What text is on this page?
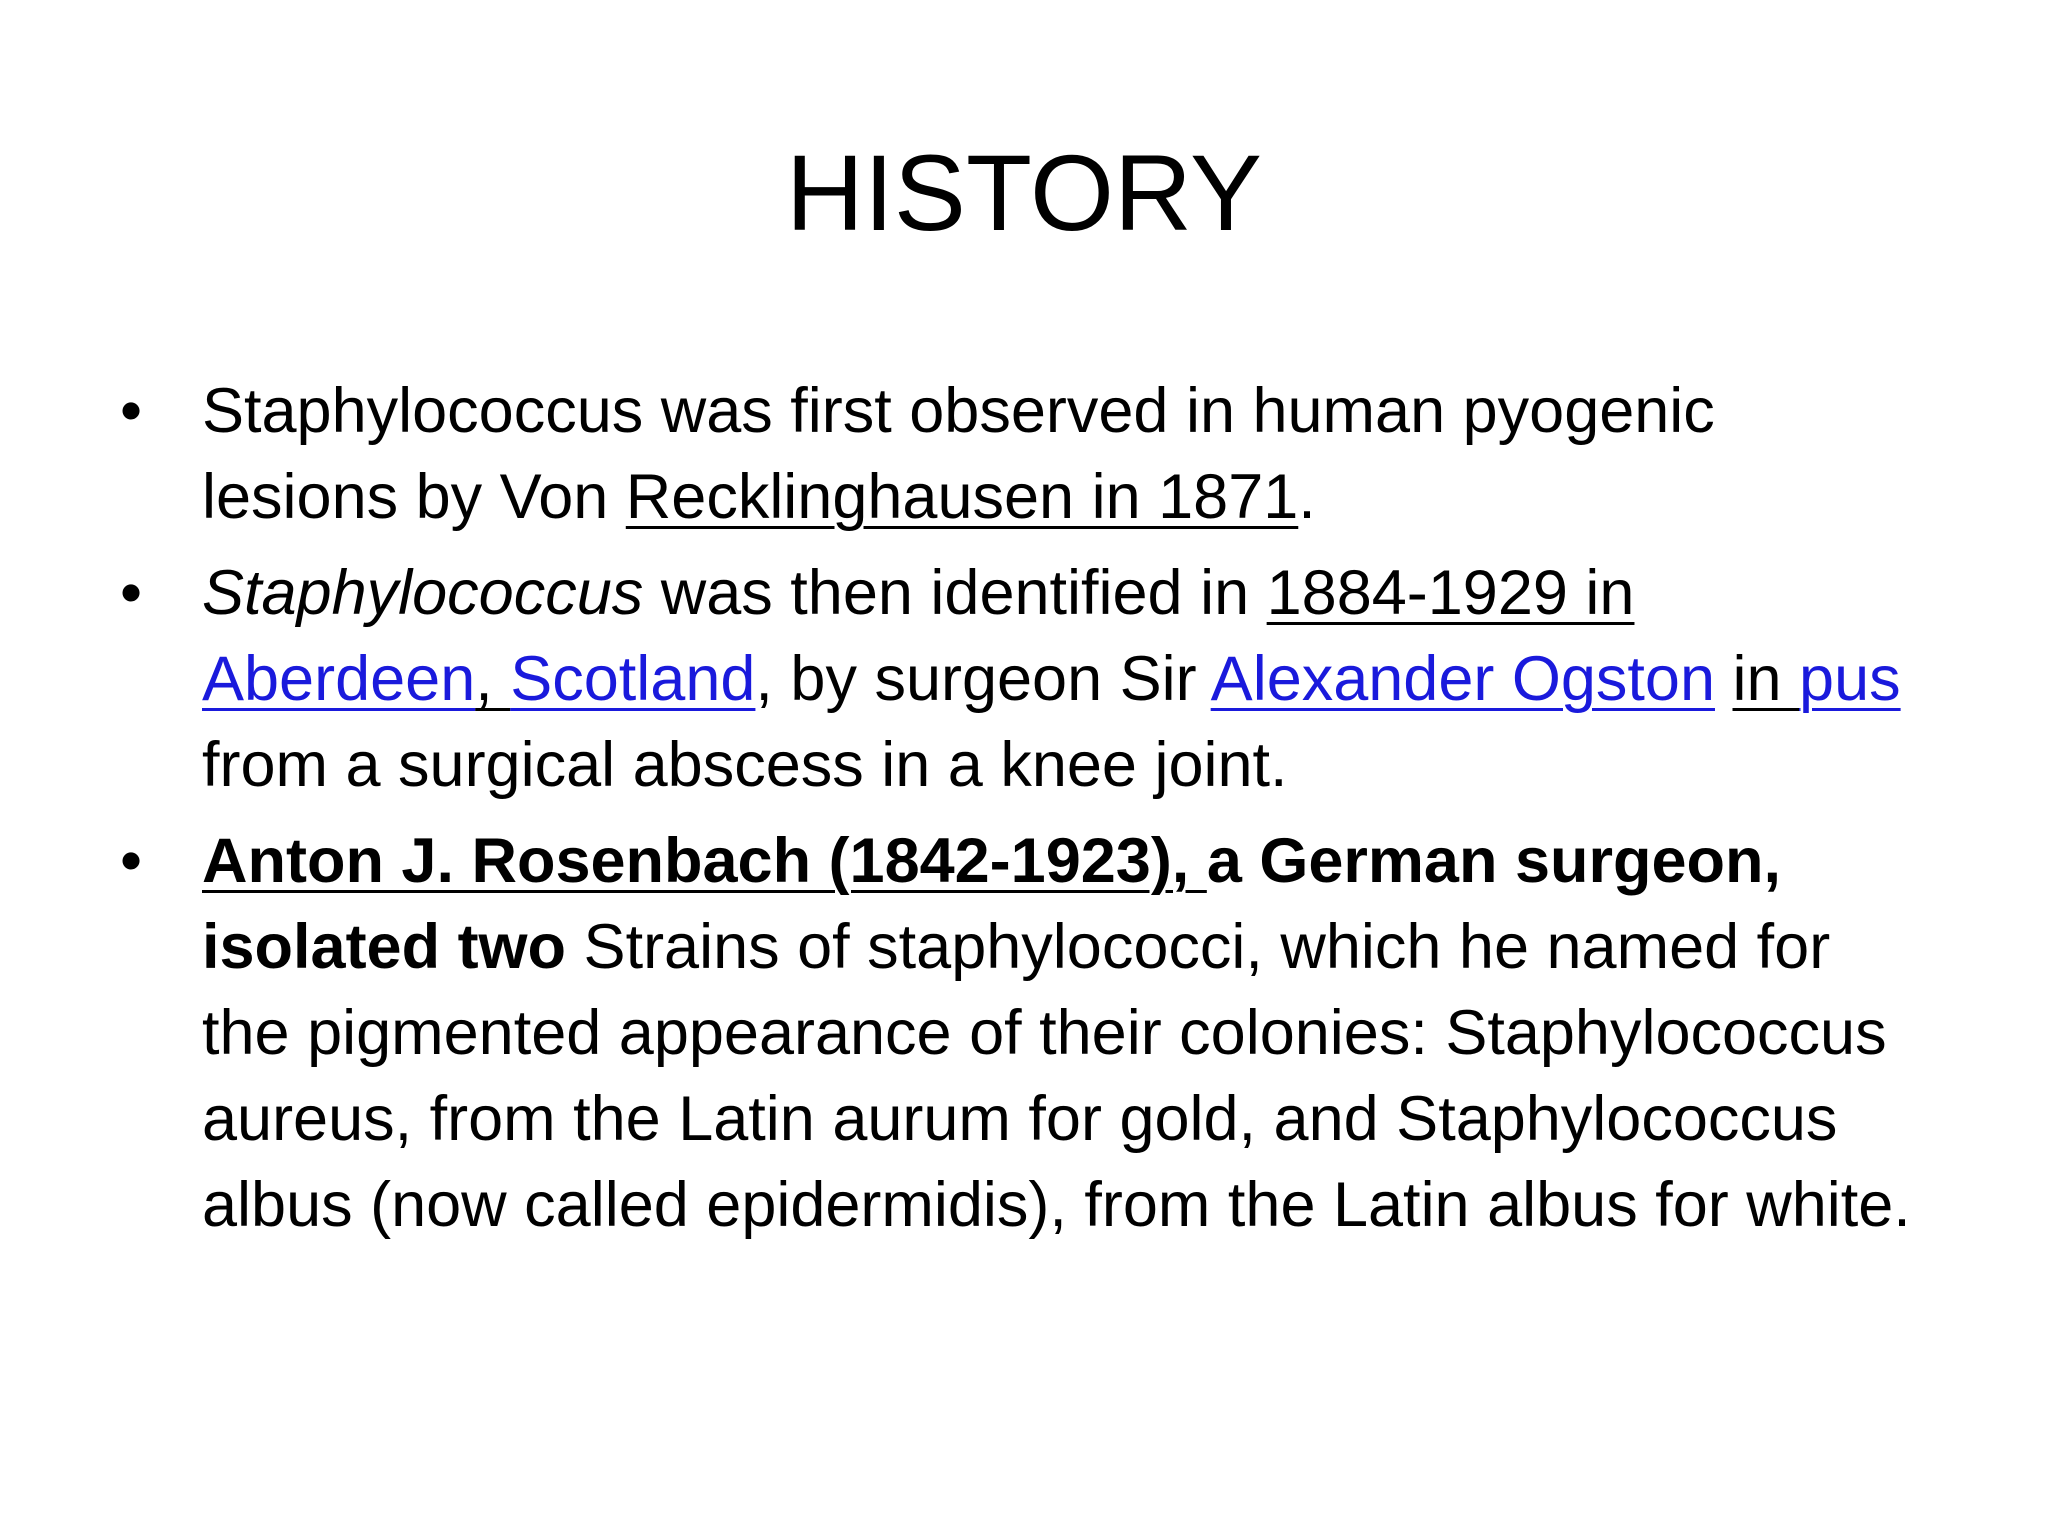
HISTORY
• Staphylococcus was first observed in human pyogenic lesions by Von Recklinghausen in 1871.
• Staphylococcus was then identified in 1884-1929 in Aberdeen, Scotland, by surgeon Sir Alexander Ogston in pus from a surgical abscess in a knee joint.
• Anton J. Rosenbach (1842-1923), a German surgeon, isolated two Strains of staphylococci, which he named for the pigmented appearance of their colonies: Staphylococcus aureus, from the Latin aurum for gold, and Staphylococcus albus (now called epidermidis), from the Latin albus for white.
